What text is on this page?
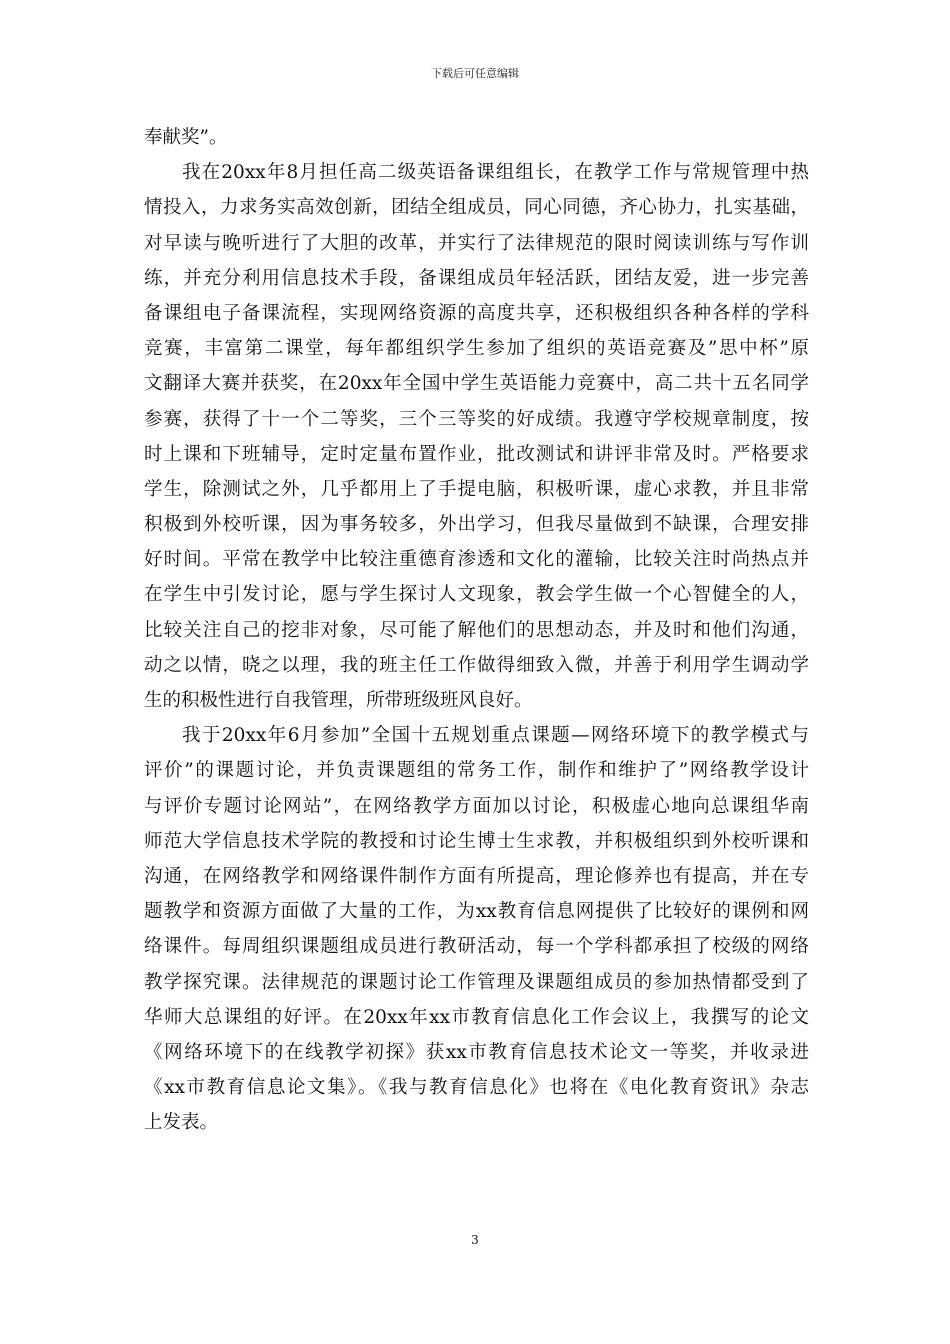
下载后可任意编辑
奉献奖”。
我在20xx年8月担任高二级英语备课组组长，在教学工作与常规管理中热
情投入，力求务实高效创新，团结全组成员，同心同德，齐心协力，扎实基础，
对早读与晚听进行了大胆的改革，并实行了法律规范的限时阅读训练与写作训
练，并充分利用信息技术手段，备课组成员年轻活跃，团结友爱，进一步完善
备课组电子备课流程，实现网络资源的高度共享，还积极组织各种各样的学科
竞赛，丰富第二课堂，每年都组织学生参加了组织的英语竞赛及”思中杯”原
文翻译大赛并获奖，在20xx年全国中学生英语能力竞赛中，高二共十五名同学
参赛，获得了十一个二等奖，三个三等奖的好成绩。我遵守学校规章制度，按
时上课和下班辅导，定时定量布置作业，批改测试和讲评非常及时。严格要求
学生，除测试之外，几乎都用上了手提电脑，积极听课，虚心求教，并且非常
积极到外校听课，因为事务较多，外出学习，但我尽量做到不缺课，合理安排
好时间。平常在教学中比较注重德育渗透和文化的灌输，比较关注时尚热点并
在学生中引发讨论，愿与学生探讨人文现象，教会学生做一个心智健全的人，
比较关注自己的挖非对象，尽可能了解他们的思想动态，并及时和他们沟通，
动之以情，晓之以理，我的班主任工作做得细致入微，并善于利用学生调动学
生的积极性进行自我管理，所带班级班风良好。
我于20xx年6月参加”全国十五规划重点课题—网络环境下的教学模式与
评价”的课题讨论，并负责课题组的常务工作，制作和维护了”网络教学设计
与评价专题讨论网站”，在网络教学方面加以讨论，积极虚心地向总课组华南
师范大学信息技术学院的教授和讨论生博士生求教，并积极组织到外校听课和
沟通，在网络教学和网络课件制作方面有所提高，理论修养也有提高，并在专
题教学和资源方面做了大量的工作，为xx教育信息网提供了比较好的课例和网
络课件。每周组织课题组成员进行教研活动，每一个学科都承担了校级的网络
教学探究课。法律规范的课题讨论工作管理及课题组成员的参加热情都受到了
华师大总课组的好评。在20xx年xx市教育信息化工作会议上，我撰写的论文
《网络环境下的在线教学初探》获xx市教育信息技术论文一等奖，并收录进
《xx市教育信息论文集》。《我与教育信息化》也将在《电化教育资讯》杂志
上发表。
3
